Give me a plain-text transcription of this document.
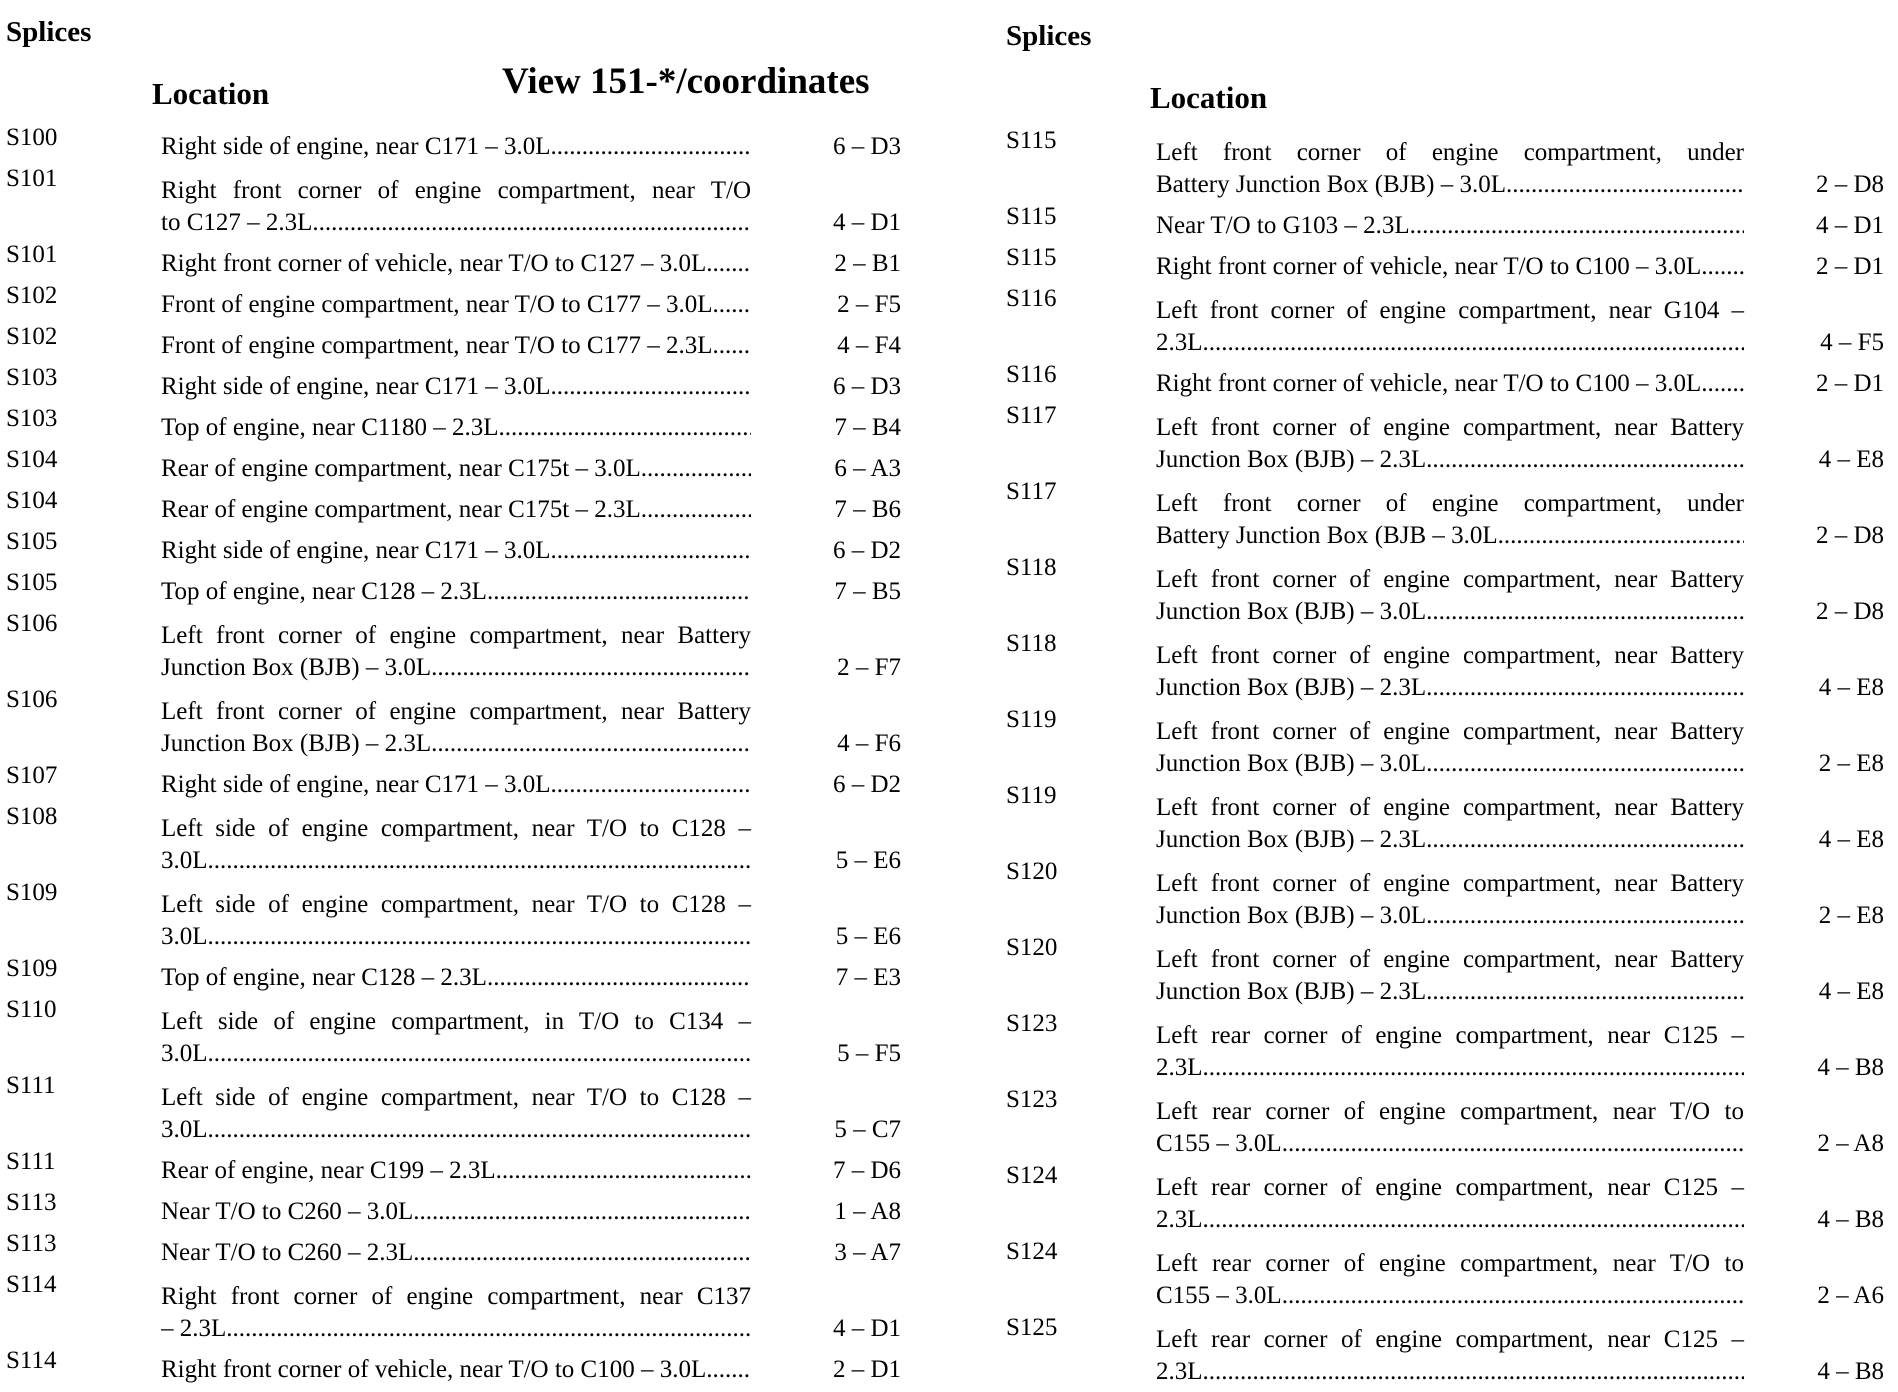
Splices
Location	View 151-*/coordinates
S100	Right side of engine, near C171 – 3.0L .....	6 – D3
S101	Right front corner of engine compartment, near T/O
to C127 – 2.3L .....	4 – D1
S101	Right front corner of vehicle, near T/O to C127 – 3.0L .....	2 – B1
S102	Front of engine compartment, near T/O to C177 – 3.0L .....	2 – F5
S102	Front of engine compartment, near T/O to C177 – 2.3L .....	4 – F4
S103	Right side of engine, near C171 – 3.0L .....	6 – D3
S103	Top of engine, near C1180 – 2.3L .....	7 – B4
S104	Rear of engine compartment, near C175t – 3.0L .....	6 – A3
S104	Rear of engine compartment, near C175t – 2.3L .....	7 – B6
S105	Right side of engine, near C171 – 3.0L .....	6 – D2
S105	Top of engine, near C128 – 2.3L .....	7 – B5
S106	Left front corner of engine compartment, near Battery
Junction Box (BJB) – 3.0L .....	2 – F7
S106	Left front corner of engine compartment, near Battery
Junction Box (BJB) – 2.3L .....	4 – F6
S107	Right side of engine, near C171 – 3.0L .....	6 – D2
S108	Left side of engine compartment, near T/O to C128 –
3.0L .....	5 – E6
S109	Left side of engine compartment, near T/O to C128 –
3.0L .....	5 – E6
S109	Top of engine, near C128 – 2.3L .....	7 – E3
S110	Left side of engine compartment, in T/O to C134 –
3.0L .....	5 – F5
S111	Left side of engine compartment, near T/O to C128 –
3.0L .....	5 – C7
S111	Rear of engine, near C199 – 2.3L .....	7 – D6
S113	Near T/O to C260 – 3.0L .....	1 – A8
S113	Near T/O to C260 – 2.3L .....	3 – A7
S114	Right front corner of engine compartment, near C137
– 2.3L .....	4 – D1
S114	Right front corner of vehicle, near T/O to C100 – 3.0L .....	2 – D1
Splices
Location
S115	Left front corner of engine compartment, under
Battery Junction Box (BJB) – 3.0L .....	2 – D8
S115	Near T/O to G103 – 2.3L .....	4 – D1
S115	Right front corner of vehicle, near T/O to C100 – 3.0L .....	2 – D1
S116	Left front corner of engine compartment, near G104 –
2.3L .....	4 – F5
S116	Right front corner of vehicle, near T/O to C100 – 3.0L .....	2 – D1
S117	Left front corner of engine compartment, near Battery
Junction Box (BJB) – 2.3L .....	4 – E8
S117	Left front corner of engine compartment, under
Battery Junction Box (BJB – 3.0L .....	2 – D8
S118	Left front corner of engine compartment, near Battery
Junction Box (BJB) – 3.0L .....	2 – D8
S118	Left front corner of engine compartment, near Battery
Junction Box (BJB) – 2.3L .....	4 – E8
S119	Left front corner of engine compartment, near Battery
Junction Box (BJB) – 3.0L .....	2 – E8
S119	Left front corner of engine compartment, near Battery
Junction Box (BJB) – 2.3L .....	4 – E8
S120	Left front corner of engine compartment, near Battery
Junction Box (BJB) – 3.0L .....	2 – E8
S120	Left front corner of engine compartment, near Battery
Junction Box (BJB) – 2.3L .....	4 – E8
S123	Left rear corner of engine compartment, near C125 –
2.3L .....	4 – B8
S123	Left rear corner of engine compartment, near T/O to
C155 – 3.0L .....	2 – A8
S124	Left rear corner of engine compartment, near C125 –
2.3L .....	4 – B8
S124	Left rear corner of engine compartment, near T/O to
C155 – 3.0L .....	2 – A6
S125	Left rear corner of engine compartment, near C125 –
2.3L .....	4 – B8
